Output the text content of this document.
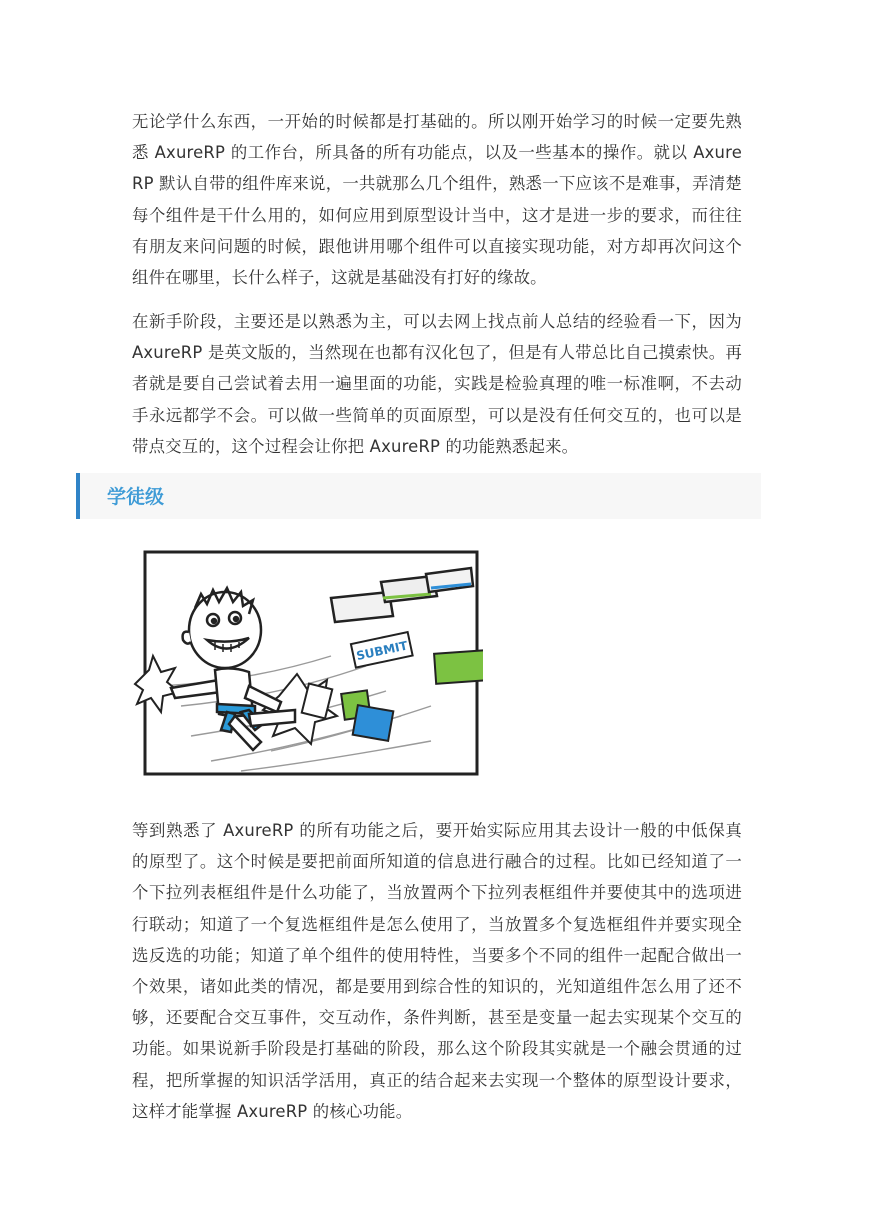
无论学什么东西，一开始的时候都是打基础的。所以刚开始学习的时候一定要先熟悉 AxureRP 的工作台，所具备的所有功能点，以及一些基本的操作。就以 AxureRP 默认自带的组件库来说，一共就那么几个组件，熟悉一下应该不是难事，弄清楚每个组件是干什么用的，如何应用到原型设计当中，这才是进一步的要求，而往往有朋友来问问题的时候，跟他讲用哪个组件可以直接实现功能，对方却再次问这个组件在哪里，长什么样子，这就是基础没有打好的缘故。

在新手阶段，主要还是以熟悉为主，可以去网上找点前人总结的经验看一下，因为 AxureRP 是英文版的，当然现在也都有汉化包了，但是有人带总比自己摸索快。再者就是要自己尝试着去用一遍里面的功能，实践是检验真理的唯一标准啊，不去动手永远都学不会。可以做一些简单的页面原型，可以是没有任何交互的，也可以是带点交互的，这个过程会让你把 AxureRP 的功能熟悉起来。

学徒级
SUBMIT

等到熟悉了 AxureRP 的所有功能之后，要开始实际应用其去设计一般的中低保真的原型了。这个时候是要把前面所知道的信息进行融合的过程。比如已经知道了一个下拉列表框组件是什么功能了，当放置两个下拉列表框组件并要使其中的选项进行联动；知道了一个复选框组件是怎么使用了，当放置多个复选框组件并要实现全选反选的功能；知道了单个组件的使用特性，当要多个不同的组件一起配合做出一个效果，诸如此类的情况，都是要用到综合性的知识的，光知道组件怎么用了还不够，还要配合交互事件，交互动作，条件判断，甚至是变量一起去实现某个交互的功能。如果说新手阶段是打基础的阶段，那么这个阶段其实就是一个融会贯通的过程，把所掌握的知识活学活用，真正的结合起来去实现一个整体的原型设计要求，这样才能掌握 AxureRP 的核心功能。
